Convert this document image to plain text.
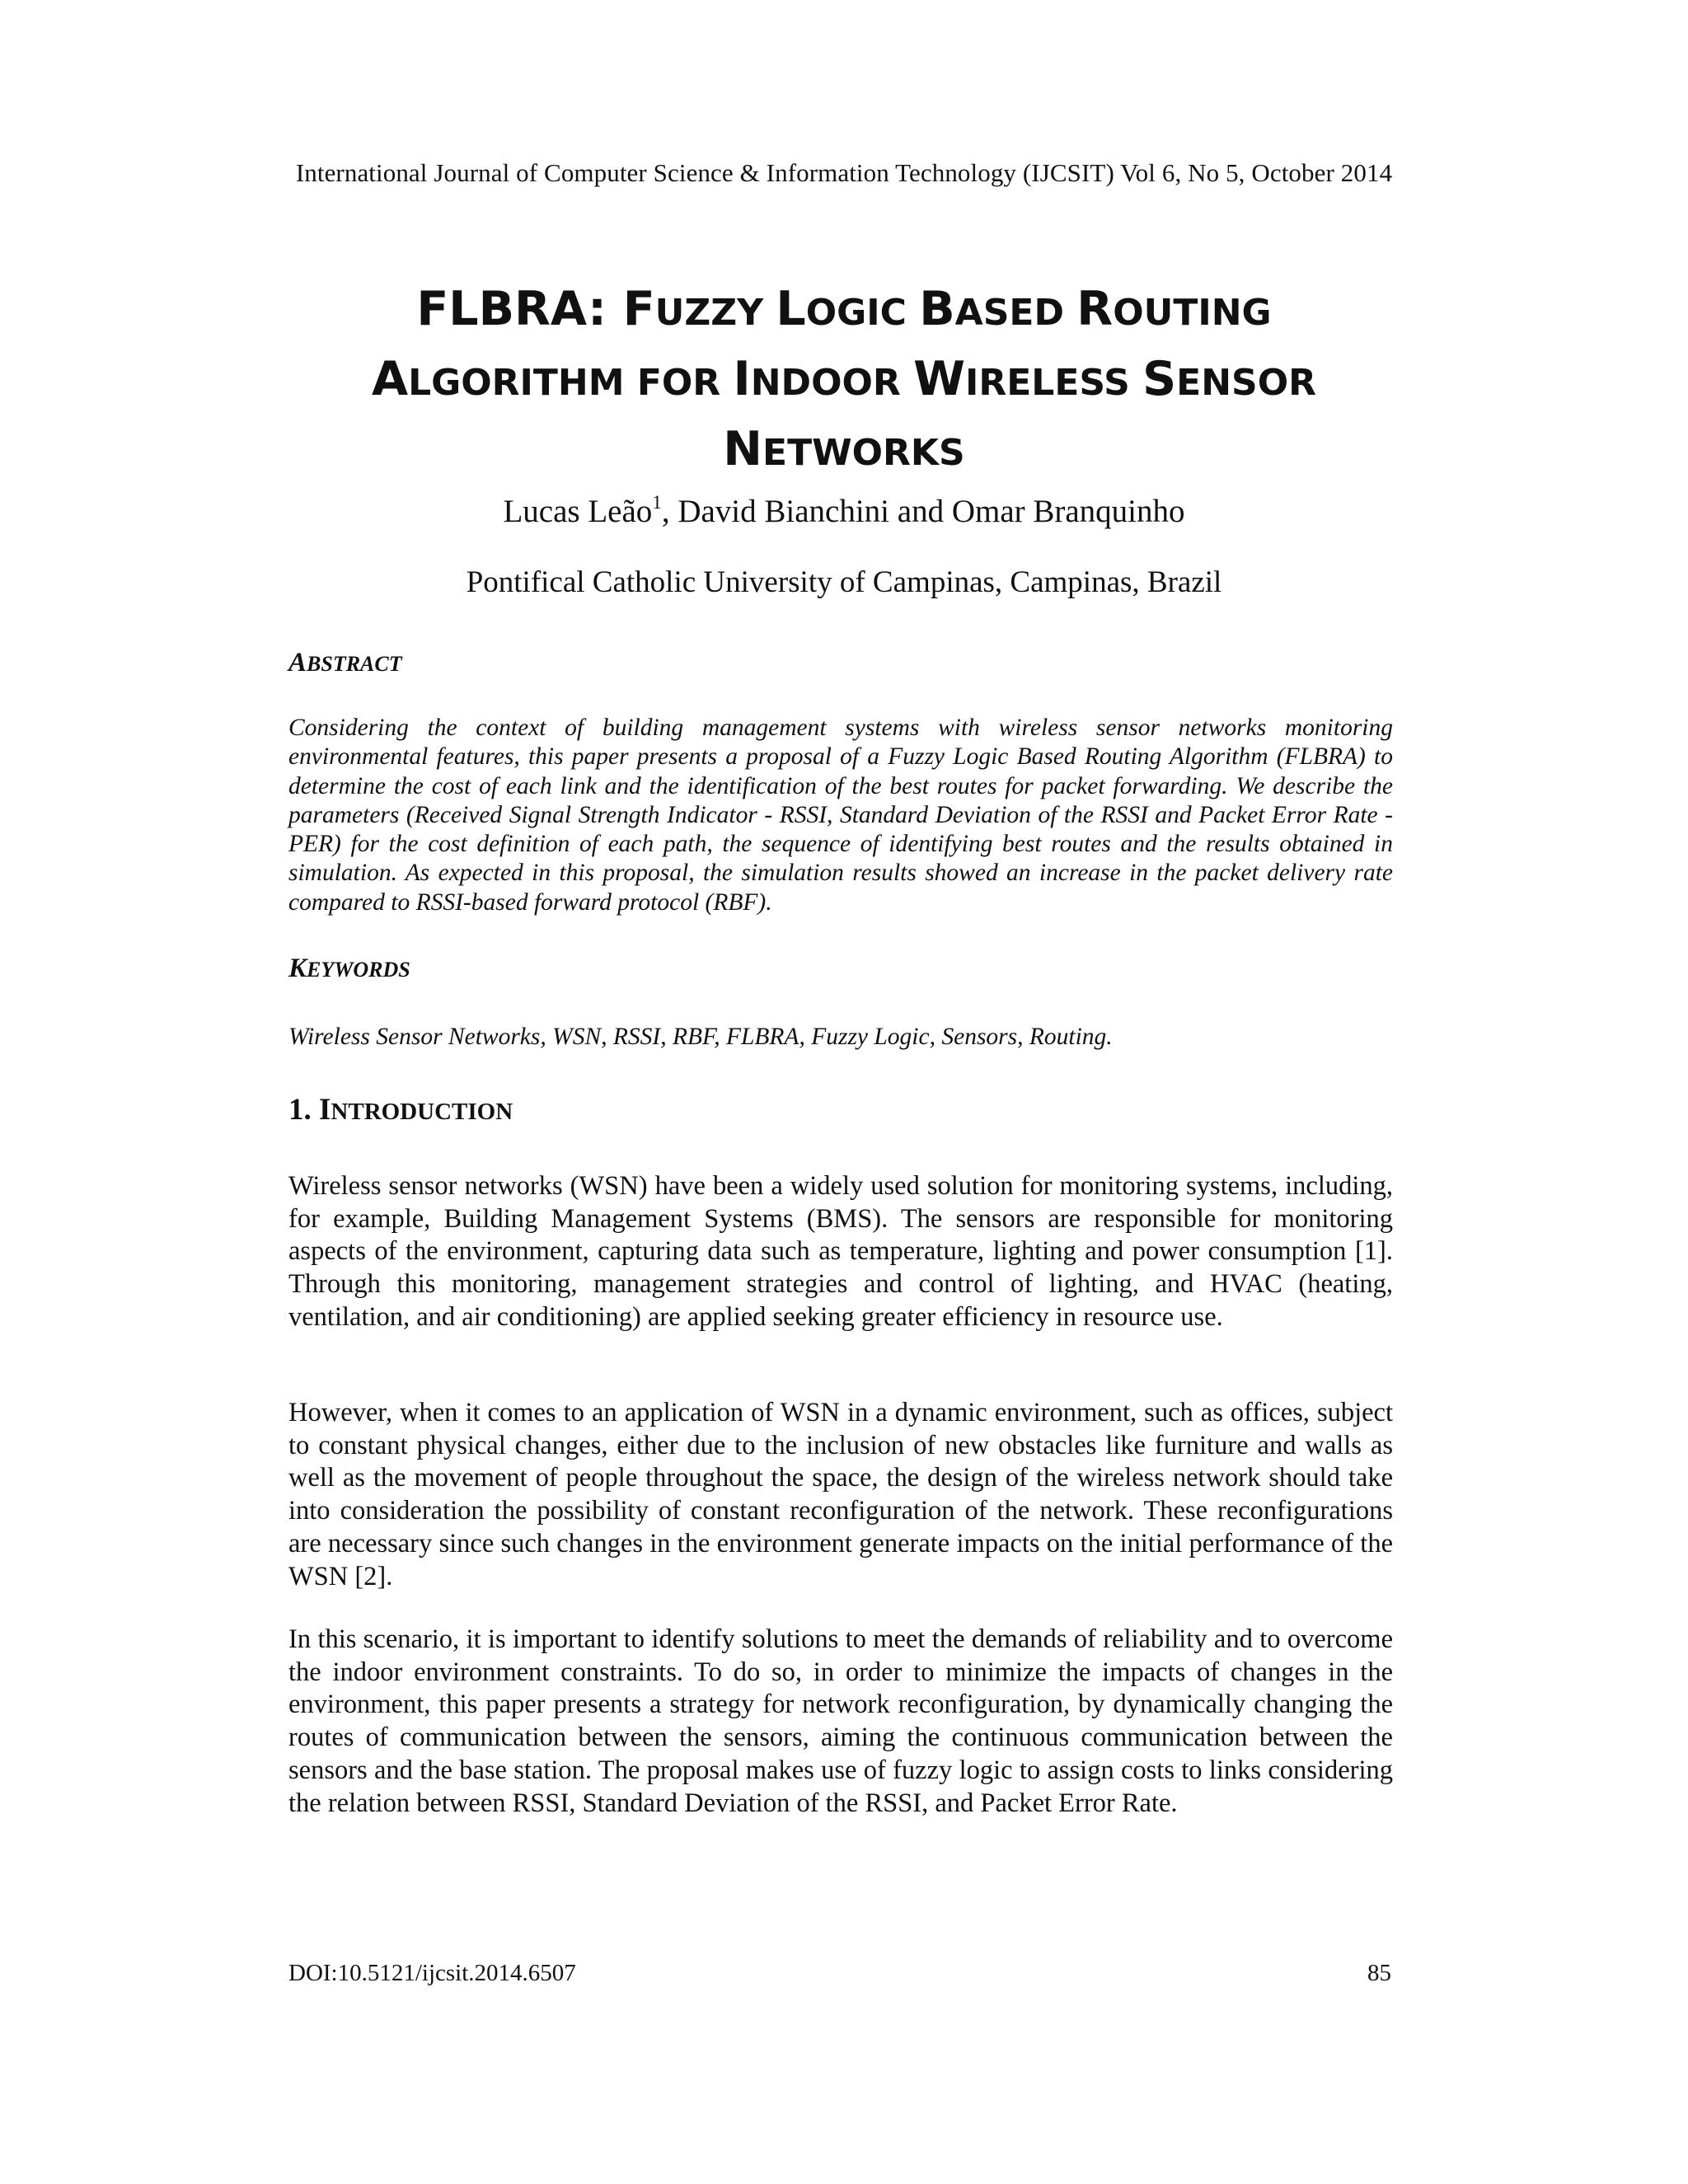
International Journal of Computer Science & Information Technology (IJCSIT) Vol 6, No 5, October 2014
FLBRA: FUZZY LOGIC BASED ROUTING
ALGORITHM FOR INDOOR WIRELESS SENSOR
NETWORKS
Lucas Leão$^1$, David Bianchini and Omar Branquinho
Pontifical Catholic University of Campinas, Campinas, Brazil
ABSTRACT

Considering the context of building management systems with wireless sensor networks monitoring environmental features, this paper presents a proposal of a Fuzzy Logic Based Routing Algorithm (FLBRA) to determine the cost of each link and the identification of the best routes for packet forwarding. We describe the parameters (Received Signal Strength Indicator - RSSI, Standard Deviation of the RSSI and Packet Error Rate - PER) for the cost definition of each path, the sequence of identifying best routes and the results obtained in simulation. As expected in this proposal, the simulation results showed an increase in the packet delivery rate compared to RSSI-based forward protocol (RBF).

KEYWORDS

Wireless Sensor Networks, WSN, RSSI, RBF, FLBRA, Fuzzy Logic, Sensors, Routing.

1. INTRODUCTION

Wireless sensor networks (WSN) have been a widely used solution for monitoring systems, including, for example, Building Management Systems (BMS). The sensors are responsible for monitoring aspects of the environment, capturing data such as temperature, lighting and power consumption [1]. Through this monitoring, management strategies and control of lighting, and HVAC (heating, ventilation, and air conditioning) are applied seeking greater efficiency in resource use.

However, when it comes to an application of WSN in a dynamic environment, such as offices, subject to constant physical changes, either due to the inclusion of new obstacles like furniture and walls as well as the movement of people throughout the space, the design of the wireless network should take into consideration the possibility of constant reconfiguration of the network. These reconfigurations are necessary since such changes in the environment generate impacts on the initial performance of the WSN [2].

In this scenario, it is important to identify solutions to meet the demands of reliability and to overcome the indoor environment constraints. To do so, in order to minimize the impacts of changes in the environment, this paper presents a strategy for network reconfiguration, by dynamically changing the routes of communication between the sensors, aiming the continuous communication between the sensors and the base station. The proposal makes use of fuzzy logic to assign costs to links considering the relation between RSSI, Standard Deviation of the RSSI, and Packet Error Rate.

DOI:10.5121/ijcsit.2014.6507	85
